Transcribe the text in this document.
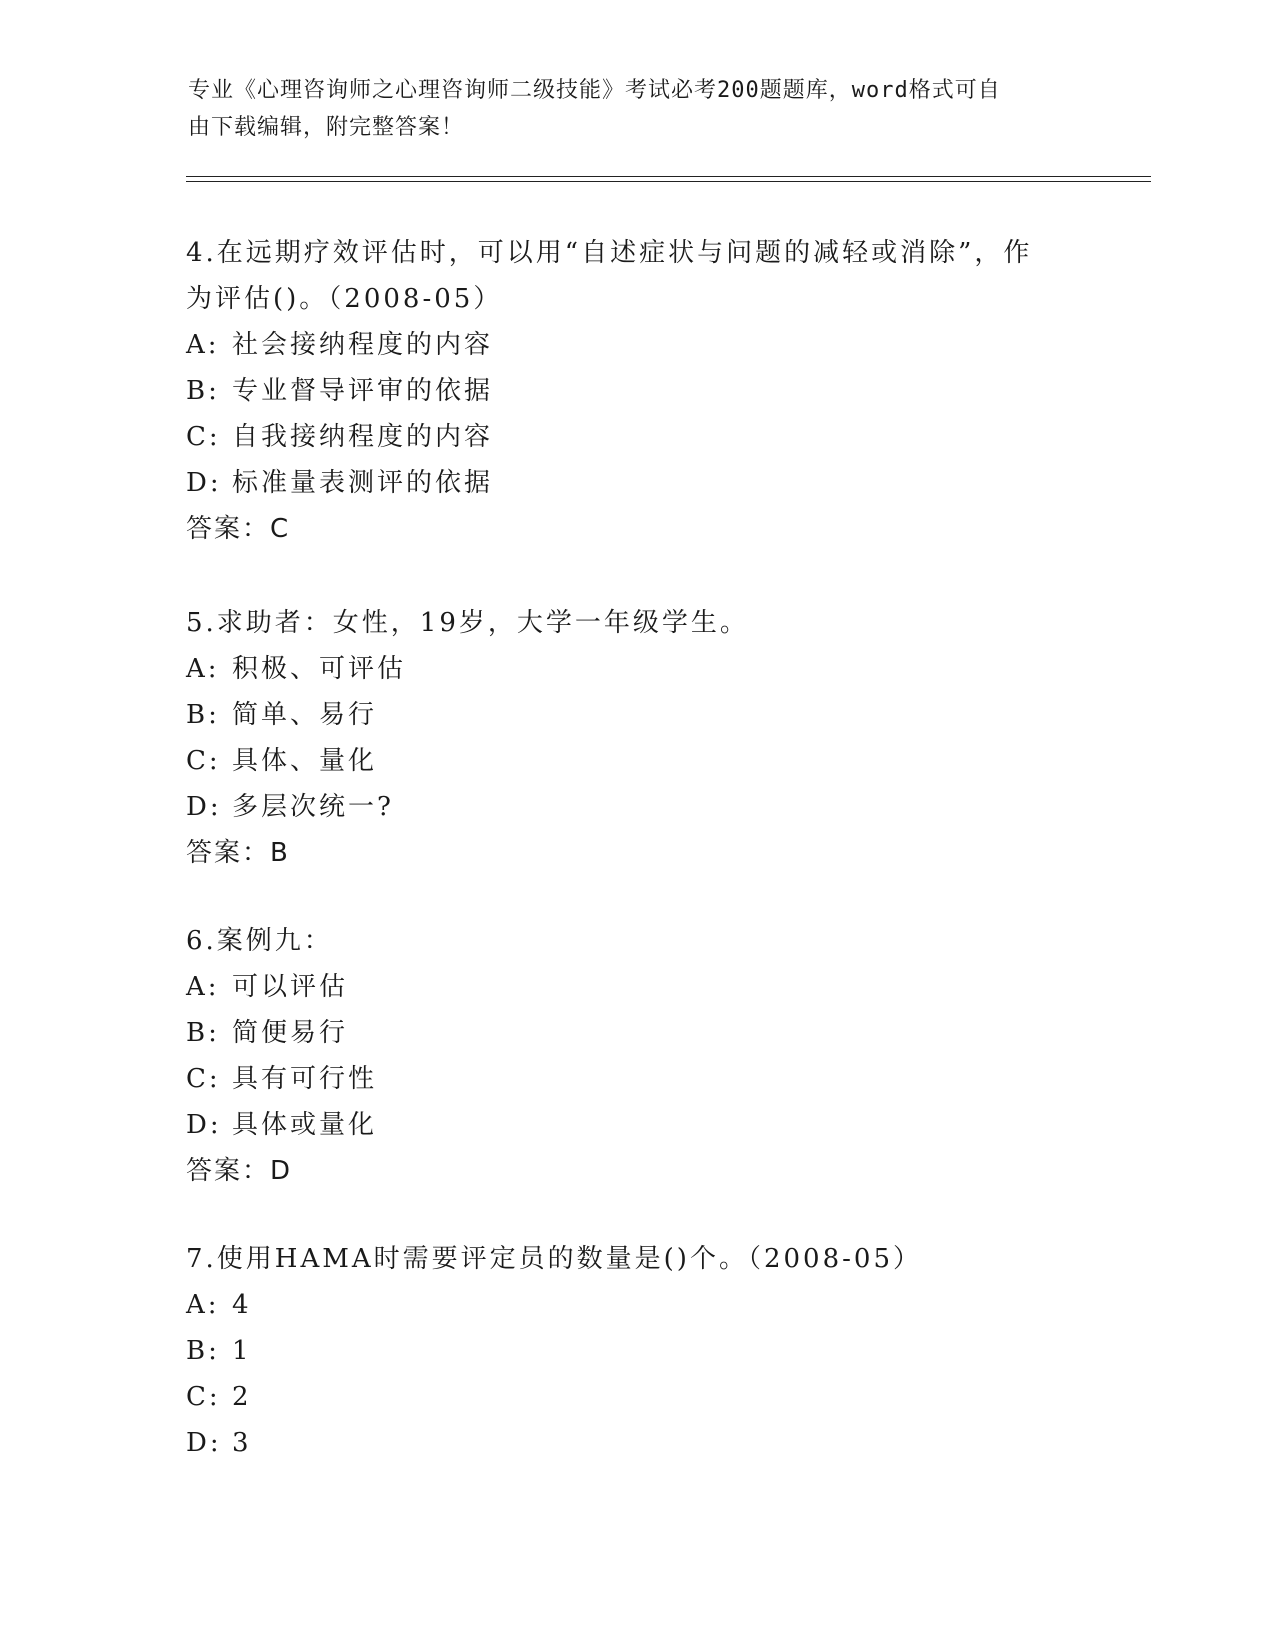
专业《心理咨询师之心理咨询师二级技能》考试必考200题题库，word格式可自
由下载编辑，附完整答案！
4.在远期疗效评估时，可以用“自述症状与问题的减轻或消除”，作
为评估()。（2008-05）
A: 社会接纳程度的内容
B: 专业督导评审的依据
C: 自我接纳程度的内容
D: 标准量表测评的依据
答案：C
5.求助者：女性，19岁，大学一年级学生。
A: 积极、可评估
B: 简单、易行
C: 具体、量化
D: 多层次统一?
答案：B
6.案例九：
A: 可以评估
B: 简便易行
C: 具有可行性
D: 具体或量化
答案：D
7.使用HAMA时需要评定员的数量是()个。（2008-05）
A: 4
B: 1
C: 2
D: 3
